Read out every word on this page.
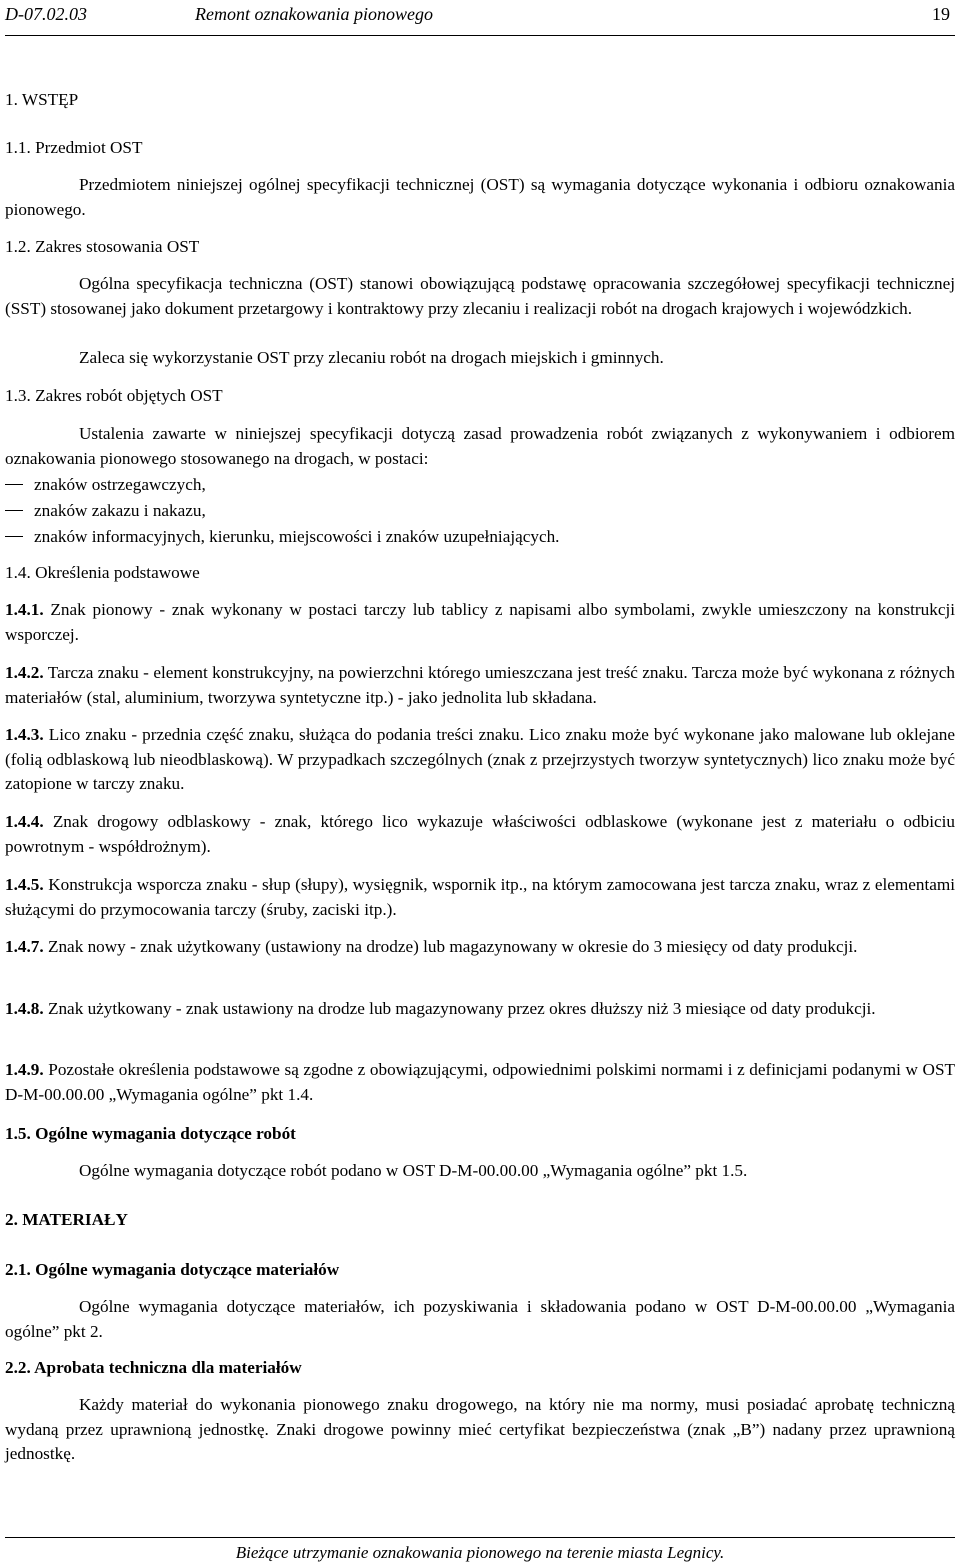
D-07.02.03	Remont oznakowania pionowego	19
1. WSTĘP
1.1. Przedmiot OST
Przedmiotem niniejszej ogólnej specyfikacji technicznej (OST) są wymagania dotyczące wykonania i odbioru oznakowania pionowego.
1.2. Zakres stosowania OST
Ogólna specyfikacja techniczna (OST) stanowi obowiązującą podstawę opracowania szczegółowej specyfikacji technicznej (SST) stosowanej jako dokument przetargowy i kontraktowy przy zlecaniu i realizacji robót na drogach krajowych i wojewódzkich.
Zaleca się wykorzystanie OST przy zlecaniu robót na drogach miejskich i gminnych.
1.3. Zakres robót objętych OST
Ustalenia zawarte w niniejszej specyfikacji dotyczą zasad prowadzenia robót związanych z wykonywaniem i odbiorem oznakowania pionowego stosowanego na drogach, w postaci:
znaków ostrzegawczych,
znaków zakazu i nakazu,
znaków informacyjnych, kierunku, miejscowości i znaków uzupełniających.
1.4. Określenia podstawowe
1.4.1. Znak pionowy - znak wykonany w postaci tarczy lub tablicy z napisami albo symbolami, zwykle umieszczony na konstrukcji wsporczej.
1.4.2. Tarcza znaku - element konstrukcyjny, na powierzchni którego umieszczana jest treść znaku. Tarcza może być wykonana z różnych materiałów (stal, aluminium, tworzywa syntetyczne itp.) - jako jednolita lub składana.
1.4.3. Lico znaku - przednia część znaku, służąca do podania treści znaku. Lico znaku może być wykonane jako malowane lub oklejane (folią odblaskową lub nieodblaskową). W przypadkach szczególnych (znak z przejrzystych tworzyw syntetycznych) lico znaku może być zatopione w tarczy znaku.
1.4.4. Znak drogowy odblaskowy - znak, którego lico wykazuje właściwości odblaskowe (wykonane jest z materiału o odbiciu powrotnym - współdrożnym).
1.4.5. Konstrukcja wsporcza znaku - słup (słupy), wysięgnik, wspornik itp., na którym zamocowana jest tarcza znaku, wraz z elementami służącymi do przymocowania tarczy (śruby, zaciski itp.).
1.4.7. Znak nowy - znak użytkowany (ustawiony na drodze) lub magazynowany w okresie do 3 miesięcy od daty produkcji.
1.4.8. Znak użytkowany - znak ustawiony na drodze lub magazynowany przez okres dłuższy niż 3 miesiące od daty produkcji.
1.4.9. Pozostałe określenia podstawowe są zgodne z obowiązującymi, odpowiednimi polskimi normami i z definicjami podanymi w OST D-M-00.00.00 „Wymagania ogólne” pkt 1.4.
1.5. Ogólne wymagania dotyczące robót
Ogólne wymagania dotyczące robót podano w OST D-M-00.00.00 „Wymagania ogólne” pkt 1.5.
2. MATERIAŁY
2.1. Ogólne wymagania dotyczące materiałów
Ogólne wymagania dotyczące materiałów, ich pozyskiwania i składowania podano w OST D-M-00.00.00 „Wymagania ogólne” pkt 2.
2.2. Aprobata techniczna dla materiałów
Każdy materiał do wykonania pionowego znaku drogowego, na który nie ma normy, musi posiadać aprobatę techniczną wydaną przez uprawnioną jednostkę. Znaki drogowe powinny mieć certyfikat bezpieczeństwa (znak „B”) nadany przez uprawnioną jednostkę.
Bieżące utrzymanie oznakowania pionowego na terenie miasta Legnicy.
